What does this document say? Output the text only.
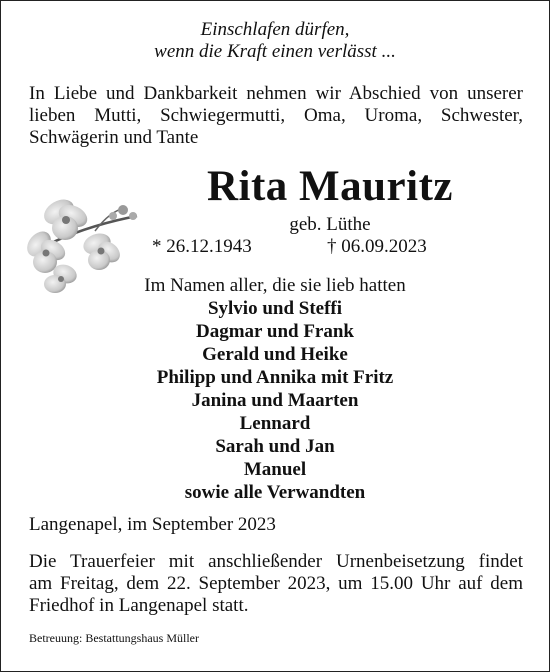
Einschlafen dürfen,
wenn die Kraft einen verlässt ...
In Liebe und Dankbarkeit nehmen wir Abschied von unserer
lieben Mutti, Schwiegermutti, Oma, Uroma, Schwester,
Schwägerin und Tante
Rita Mauritz
geb. Lüthe
* 26.12.1943	† 06.09.2023
Im Namen aller, die sie lieb hatten
Sylvio und Steffi
Dagmar und Frank
Gerald und Heike
Philipp und Annika mit Fritz
Janina und Maarten
Lennard
Sarah und Jan
Manuel
sowie alle Verwandten
Langenapel, im September 2023
Die Trauerfeier mit anschließender Urnenbeisetzung findet
am Freitag, dem 22. September 2023, um 15.00 Uhr auf dem
Friedhof in Langenapel statt.
Betreuung: Bestattungshaus Müller
